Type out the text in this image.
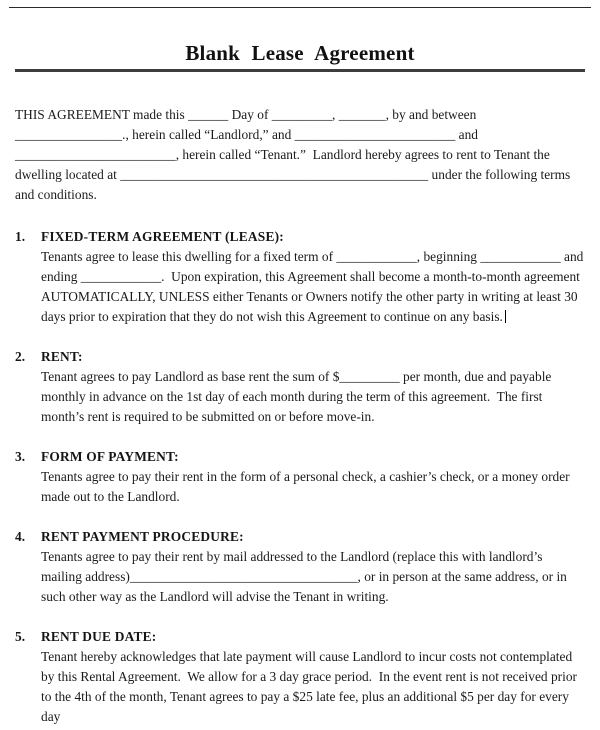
Blank Lease Agreement

THIS AGREEMENT made this ______ Day of _________, _______, by and between ________________., herein called “Landlord,” and ________________________ and ________________________, herein called “Tenant.”  Landlord hereby agrees to rent to Tenant the dwelling located at ______________________________________________ under the following terms and conditions.

1.	FIXED-TERM AGREEMENT (LEASE):

Tenants agree to lease this dwelling for a fixed term of ____________, beginning ____________ and ending ____________.  Upon expiration, this Agreement shall become a month-to-month agreement AUTOMATICALLY, UNLESS either Tenants or Owners notify the other party in writing at least 30 days prior to expiration that they do not wish this Agreement to continue on any basis.

2.	RENT:

Tenant agrees to pay Landlord as base rent the sum of $_________ per month, due and payable monthly in advance on the 1st day of each month during the term of this agreement.  The first month’s rent is required to be submitted on or before move-in.

3.	FORM OF PAYMENT:

Tenants agree to pay their rent in the form of a personal check, a cashier’s check, or a money order made out to the Landlord.

4.	RENT PAYMENT PROCEDURE:

Tenants agree to pay their rent by mail addressed to the Landlord (replace this with landlord’s mailing address)__________________________________, or in person at the same address, or in such other way as the Landlord will advise the Tenant in writing.

5.	RENT DUE DATE:

Tenant hereby acknowledges that late payment will cause Landlord to incur costs not contemplated by this Rental Agreement.  We allow for a 3 day grace period.  In the event rent is not received prior to the 4th of the month, Tenant agrees to pay a $25 late fee, plus an additional $5 per day for every day
